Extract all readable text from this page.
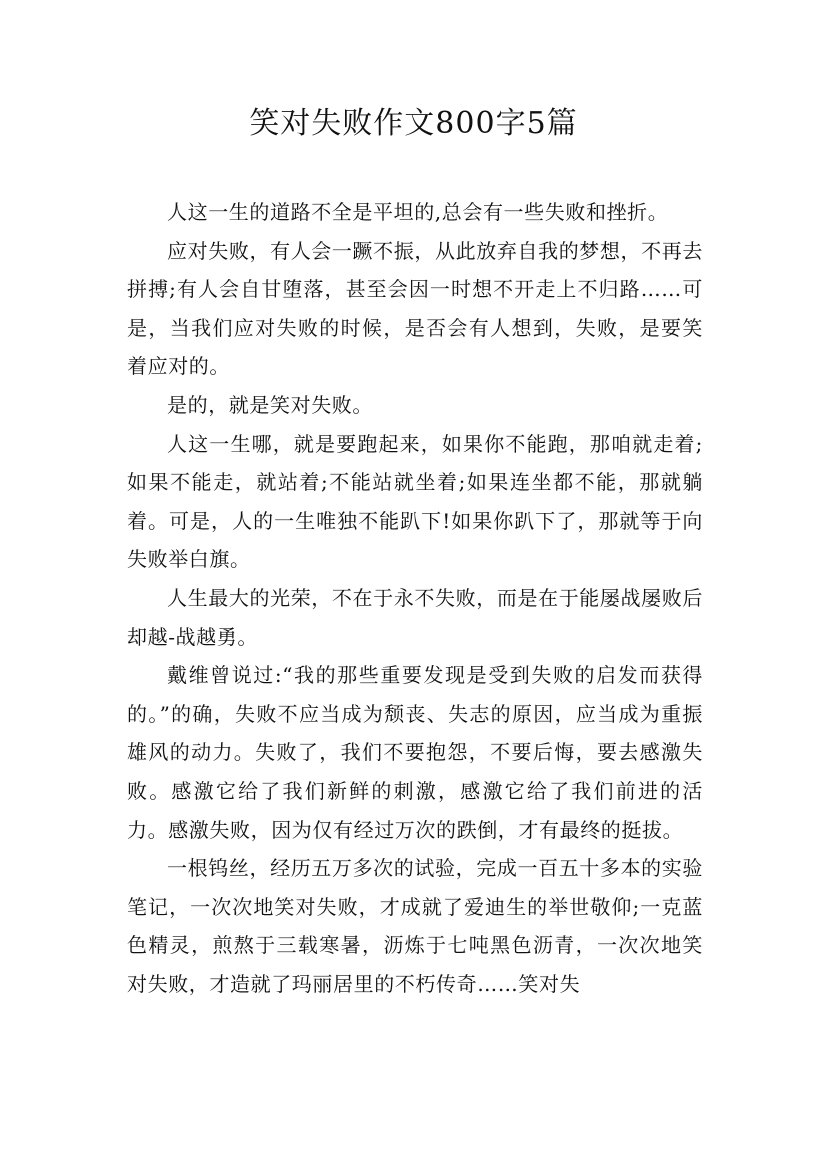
笑对失败作文800字5篇

人这一生的道路不全是平坦的,总会有一些失败和挫折。

应对失败，有人会一蹶不振，从此放弃自我的梦想，不再去拼搏;有人会自甘堕落，甚至会因一时想不开走上不归路……可是，当我们应对失败的时候，是否会有人想到，失败，是要笑着应对的。

是的，就是笑对失败。

人这一生哪，就是要跑起来，如果你不能跑，那咱就走着;如果不能走，就站着;不能站就坐着;如果连坐都不能，那就躺着。可是，人的一生唯独不能趴下!如果你趴下了，那就等于向失败举白旗。

人生最大的光荣，不在于永不失败，而是在于能屡战屡败后却越-战越勇。

戴维曾说过:“我的那些重要发现是受到失败的启发而获得的。”的确，失败不应当成为颓丧、失志的原因，应当成为重振雄风的动力。失败了，我们不要抱怨，不要后悔，要去感激失败。感激它给了我们新鲜的刺激，感激它给了我们前进的活力。感激失败，因为仅有经过万次的跌倒，才有最终的挺拔。

一根钨丝，经历五万多次的试验，完成一百五十多本的实验笔记，一次次地笑对失败，才成就了爱迪生的举世敬仰;一克蓝色精灵，煎熬于三载寒暑，沥炼于七吨黑色沥青，一次次地笑对失败，才造就了玛丽居里的不朽传奇……笑对失
